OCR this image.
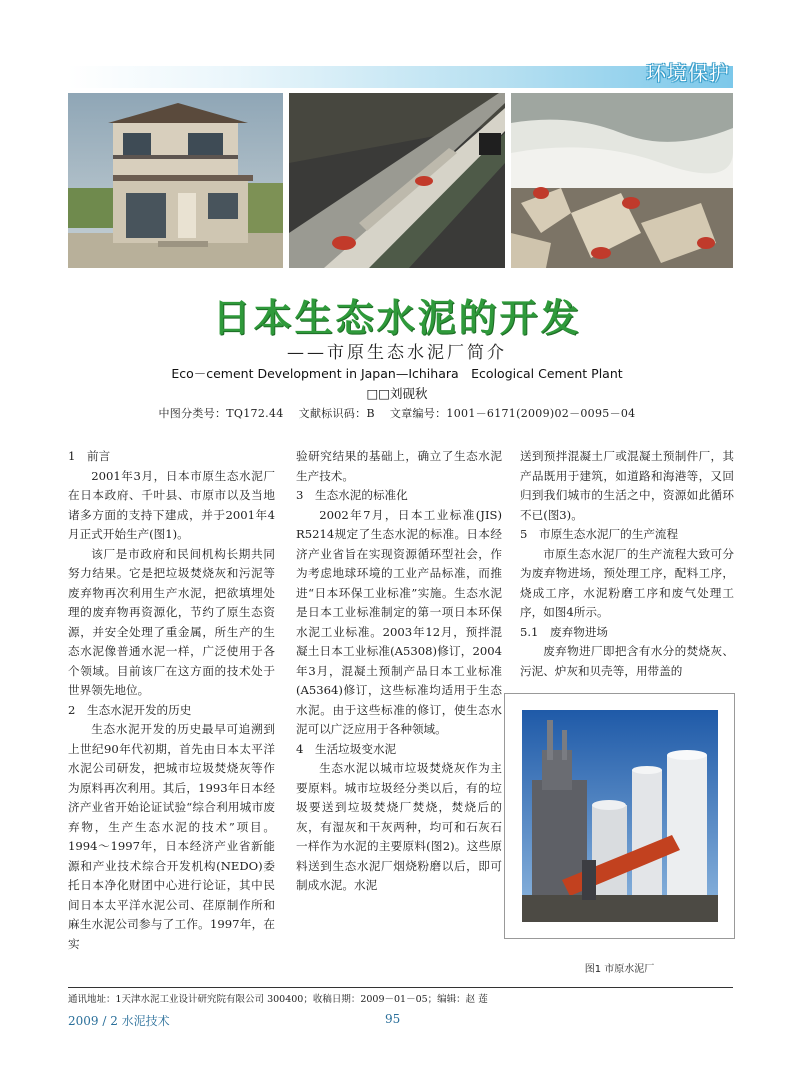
环境保护
日本生态水泥的开发
——市原生态水泥厂简介
Eco－cement Development in Japan—Ichihara　Ecological Cement Plant
□□刘砚秋
中图分类号：TQ172.44　 文献标识码：B　 文章编号：1001－6171(2009)02－0095－04

1　前言

2001年3月，日本市原生态水泥厂在日本政府、千叶县、市原市以及当地诸多方面的支持下建成，并于2001年4月正式开始生产(图1)。

该厂是市政府和民间机构长期共同努力结果。它是把垃圾焚烧灰和污泥等废弃物再次利用生产水泥，把欲填埋处理的废弃物再资源化，节约了原生态资源，并安全处理了重金属，所生产的生态水泥像普通水泥一样，广泛使用于各个领域。目前该厂在这方面的技术处于世界领先地位。

2　生态水泥开发的历史

生态水泥开发的历史最早可追溯到上世纪90年代初期，首先由日本太平洋水泥公司研发，把城市垃圾焚烧灰等作为原料再次利用。其后，1993年日本经济产业省开始论证试验“综合利用城市废弃物，生产生态水泥的技术”项目。1994～1997年，日本经济产业省新能源和产业技术综合开发机构(NEDO)委托日本净化财团中心进行论证，其中民间日本太平洋水泥公司、荏原制作所和麻生水泥公司参与了工作。1997年，在实

验研究结果的基础上，确立了生态水泥生产技术。

3　生态水泥的标准化

2002年7月，日本工业标准(JIS) R5214规定了生态水泥的标准。日本经济产业省旨在实现资源循环型社会，作为考虑地球环境的工业产品标准，而推进“日本环保工业标准”实施。生态水泥是日本工业标准制定的第一项日本环保水泥工业标准。2003年12月，预拌混凝土日本工业标准(A5308)修订，2004年3月，混凝土预制产品日本工业标准(A5364)修订，这些标准均适用于生态水泥。由于这些标准的修订，使生态水泥可以广泛应用于各种领域。

4　生活垃圾变水泥

生态水泥以城市垃圾焚烧灰作为主要原料。城市垃圾经分类以后，有的垃圾要送到垃圾焚烧厂焚烧，焚烧后的灰，有湿灰和干灰两种，均可和石灰石一样作为水泥的主要原料(图2)。这些原料送到生态水泥厂烟烧粉磨以后，即可制成水泥。水泥

送到预拌混凝土厂或混凝土预制件厂，其产品既用于建筑，如道路和海港等，又回归到我们城市的生活之中，资源如此循环不已(图3)。

5　市原生态水泥厂的生产流程

市原生态水泥厂的生产流程大致可分为废弃物进场，预处理工序，配料工序，烧成工序，水泥粉磨工序和废气处理工序，如图4所示。

5.1　废弃物进场

废弃物进厂即把含有水分的焚烧灰、污泥、炉灰和贝壳等，用带盖的

图1 市原水泥厂
通讯地址：1天津水泥工业设计研究院有限公司 300400；收稿日期：2009－01－05；编辑：赵 莲
2009 / 2 水泥技术	95
